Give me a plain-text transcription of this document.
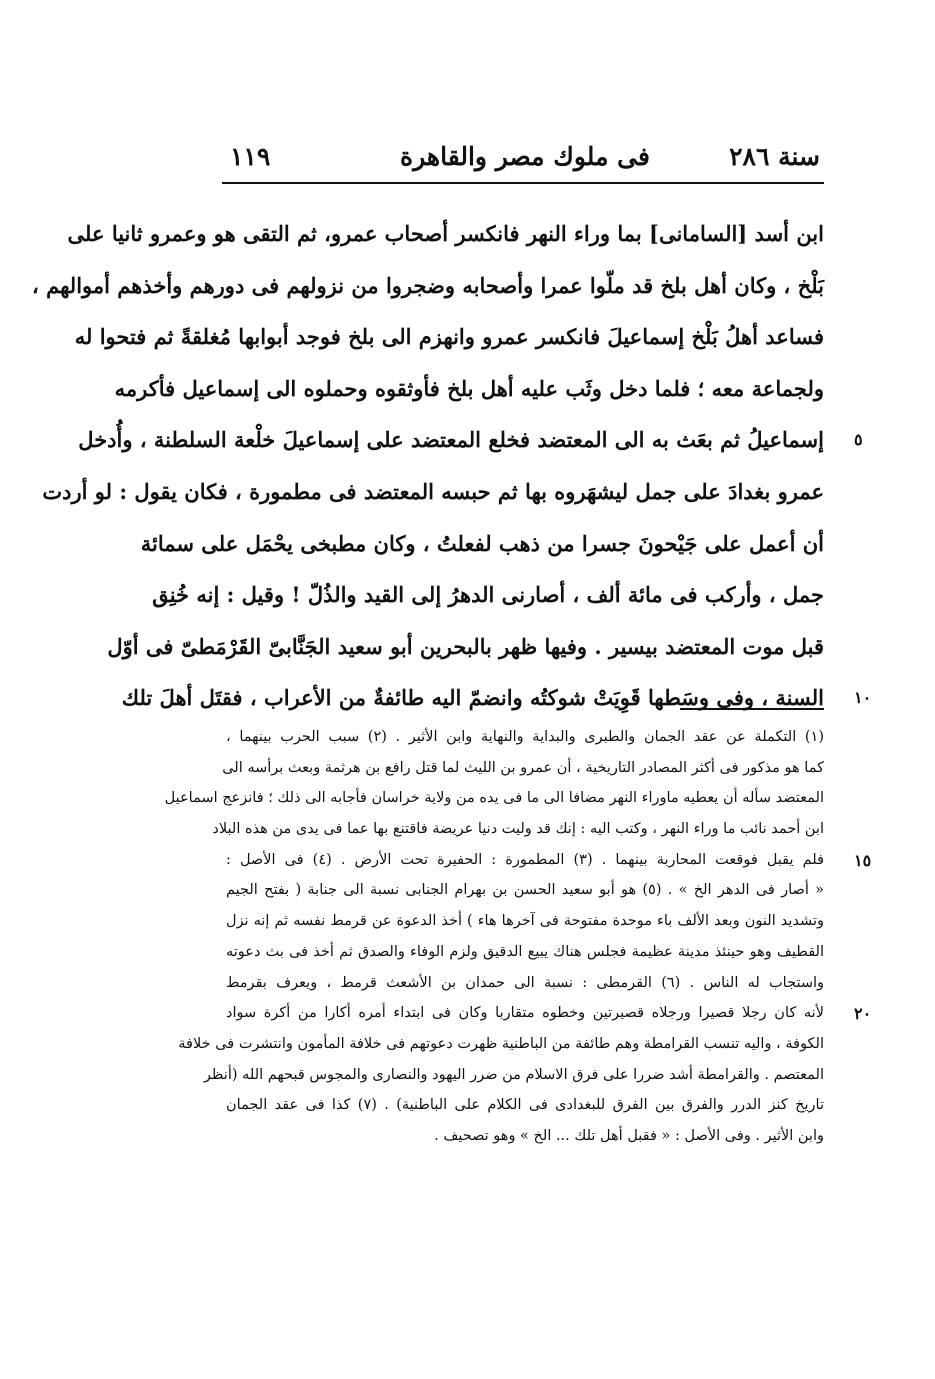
سنة ٢٨٦
فى ملوك مصر والقاهرة
١١٩
ابن أسد [السامانى] بما وراء النهر فانكسر أصحاب عمرو، ثم التقى هو وعمرو ثانيا على
بَلْخ ، وكان أهل بلخ قد ملّوا عمرا وأصحابه وضجروا من نزولهم فى دورهم وأخذهم أموالهم ،
فساعد أهلُ بَلْخ إسماعيلَ فانكسر عمرو وانهزم الى بلخ فوجد أبوابها مُغلقةً ثم فتحوا له
ولجماعة معه ؛ فلما دخل وثَب عليه أهل بلخ فأوثقوه وحملوه الى إسماعيل فأكرمه
إسماعيلُ ثم بعَث به الى المعتضد فخلع المعتضد على إسماعيلَ خلْعة السلطنة ، وأُدخل
عمرو بغدادَ على جمل ليشهَروه بها ثم حبسه المعتضد فى مطمورة ، فكان يقول : لو أردت
أن أعمل على جَيْحونَ جسرا من ذهب لفعلتُ ، وكان مطبخى يحْمَل على سمائة
جمل ، وأركب فى مائة ألف ، أصارنى الدهرُ إلى القيد والذُلّ ! وقيل : إنه خُنِق
قبل موت المعتضد بيسير . وفيها ظهر بالبحرين أبو سعيد الجَنَّابىّ القَرْمَطىّ فى أوّل
السنة ، وفى وسَطها قَوِيَتْ شوكتُه وانضمّ اليه طائفةٌ من الأعراب ، فقتَل أهلَ تلك
٥
١٠
(١) التكملة عن عقد الجمان والطبرى والبداية والنهاية وابن الأثير . (٢) سبب الحرب بينهما ،
كما هو مذكور فى أكثر المصادر التاريخية ، أن عمرو بن الليث لما قتل رافع بن هرثمة وبعث برأسه الى
المعتضد سأله أن يعطيه ماوراء النهر مضافا الى ما فى يده من ولاية خراسان فأجابه الى ذلك ؛ فانزعج اسماعيل
ابن أحمد نائب ما وراء النهر ، وكتب اليه : إنك قد وليت دنيا عريضة فاقتنع بها عما فى يدى من هذه البلاد
فلم يقبل فوقعت المحاربة بينهما . (٣) المطمورة : الحفيرة تحت الأرض . (٤) فى الأصل :
« أصار فى الدهر الخ » . (٥) هو أبو سعيد الحسن بن بهرام الجنابى نسبة الى جنابة ( بفتح الجيم
وتشديد النون وبعد الألف باء موحدة مفتوحة فى آخرها هاء ) أخذ الدعوة عن قرمط نفسه ثم إنه نزل
القطيف وهو حينئذ مدينة عظيمة فجلس هناك يبيع الدقيق ولزم الوفاء والصدق ثم أخذ فى بث دعوته
واستجاب له الناس . (٦) القرمطى : نسبة الى حمدان بن الأشعث قرمط ، ويعرف بقرمط
لأنه كان رجلا قصيرا ورجلاه قصيرتين وخطوه متقاربا وكان فى ابتداء أمره أكارا من أكرة سواد
الكوفة ، واليه تنسب القرامطة وهم طائفة من الباطنية ظهرت دعوتهم فى خلافة المأمون وانتشرت فى خلافة
المعتصم . والقرامطة أشد ضررا على فرق الاسلام من ضرر اليهود والنصارى والمجوس قبحهم الله (أنظر
تاريخ كنز الدرر والفرق بين الفرق للبغدادى فى الكلام على الباطنية) . (٧) كذا فى عقد الجمان
وابن الأثير . وفى الأصل : « فقبل أهل تلك ... الخ » وهو تصحيف .
١٥
٢٠
